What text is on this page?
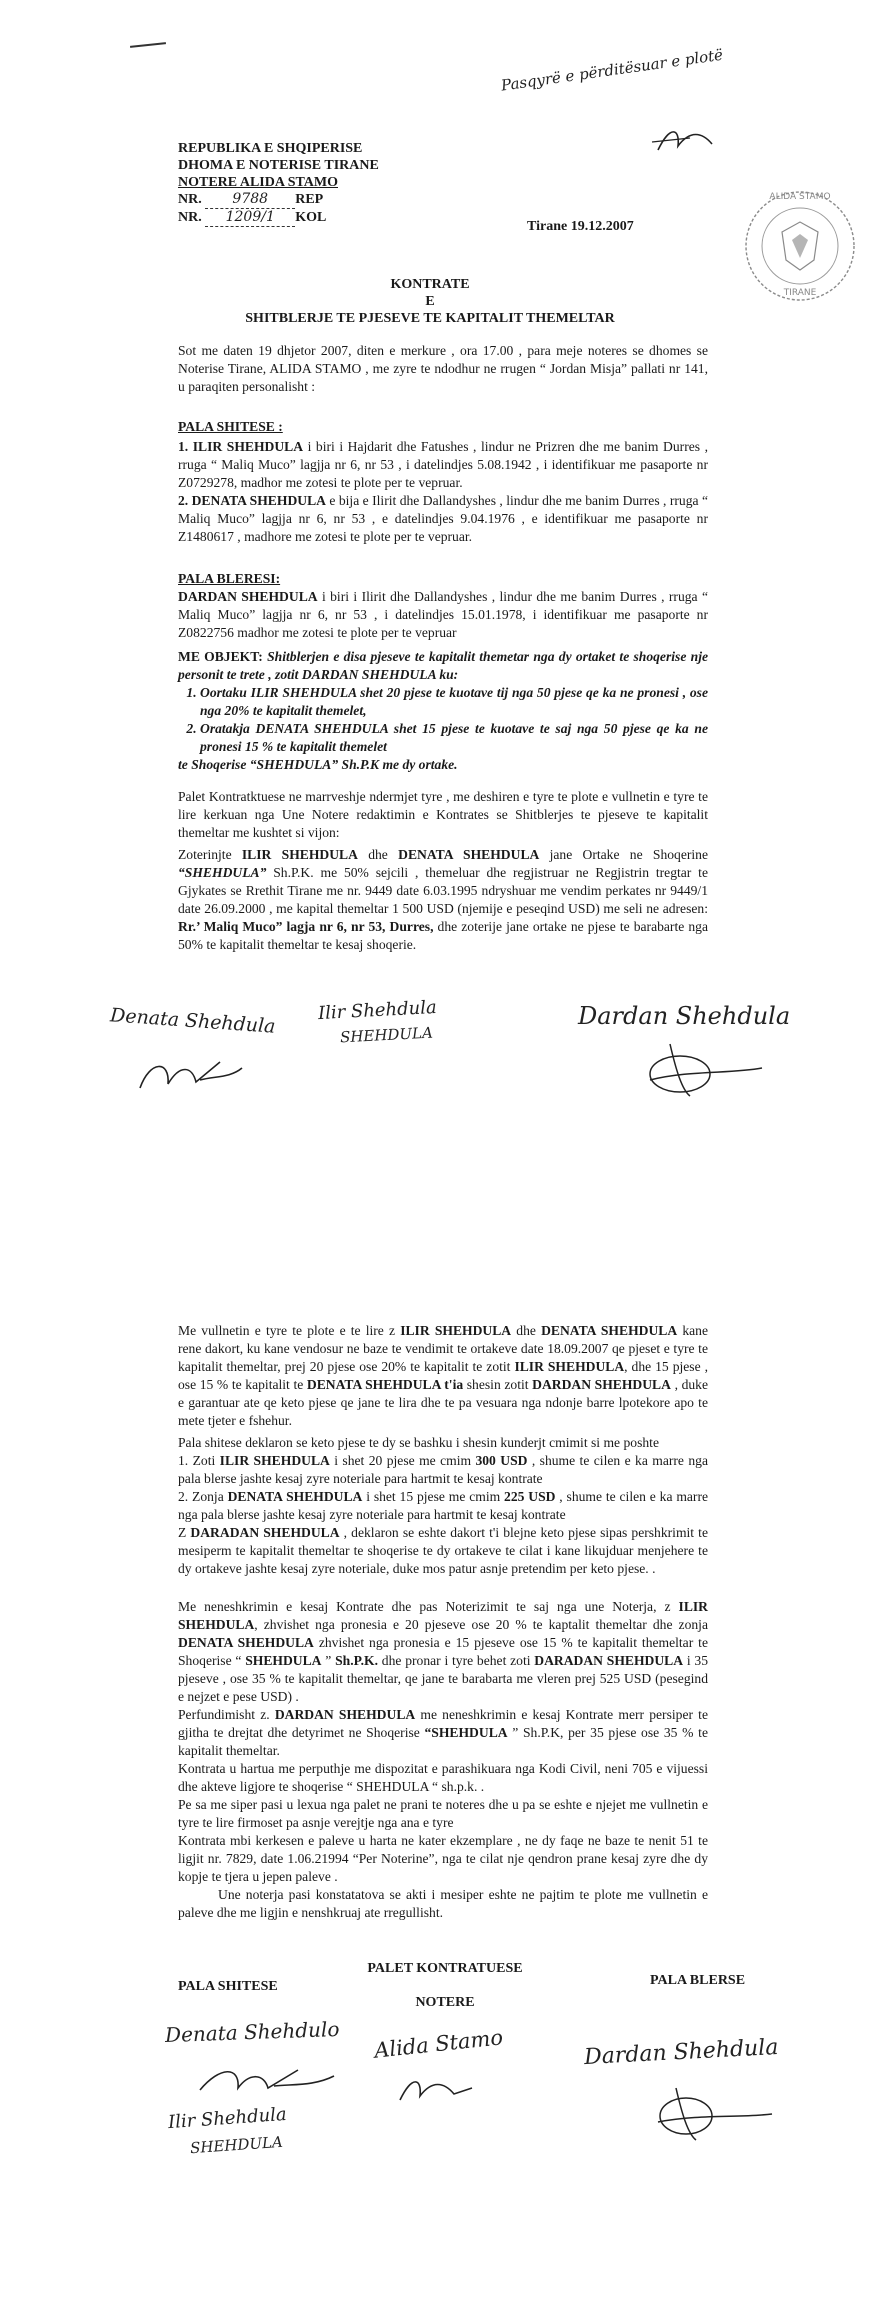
Pasqyrë e përditësuar e plotë
REPUBLIKA E SHQIPERISE
DHOMA E NOTERISE TIRANE
NOTERE ALIDA STAMO
NR. 9788 REP
NR. 1209/1 KOL
Tirane 19.12.2007
ALIDA STAMO
TIRANE
KONTRATE
E
SHITBLERJE TE PJESEVE TE KAPITALIT THEMELTAR
Sot me daten 19 dhjetor 2007, diten e merkure , ora 17.00 , para meje noteres se dhomes se Noterise Tirane, ALIDA STAMO , me zyre te ndodhur ne rrugen “ Jordan Misja” pallati nr 141, u paraqiten personalisht :
PALA SHITESE :
1. ILIR SHEHDULA i biri i Hajdarit dhe Fatushes , lindur ne Prizren dhe me banim Durres , rruga “ Maliq Muco” lagjja nr 6, nr 53 , i datelindjes 5.08.1942 , i identifikuar me pasaporte nr Z0729278, madhor me zotesi te plote per te vepruar.
2. DENATA SHEHDULA e bija e Ilirit dhe Dallandyshes , lindur dhe me banim Durres , rruga “ Maliq Muco” lagjja nr 6, nr 53 , e datelindjes 9.04.1976 , e identifikuar me pasaporte nr Z1480617 , madhore me zotesi te plote per te vepruar.
PALA BLERESI:
DARDAN SHEHDULA i biri i Ilirit dhe Dallandyshes , lindur dhe me banim Durres , rruga “ Maliq Muco” lagjja nr 6, nr 53 , i datelindjes 15.01.1978, i identifikuar me pasaporte nr Z0822756 madhor me zotesi te plote per te vepruar
ME OBJEKT: Shitblerjen e disa pjeseve te kapitalit themetar nga dy ortaket te shoqerise nje personit te trete , zotit DARDAN SHEHDULA ku:
1. Oortaku ILIR SHEHDULA shet 20 pjese te kuotave tij nga 50 pjese qe ka ne pronesi , ose nga 20% te kapitalit themelet,
2. Oratakja DENATA SHEHDULA shet 15 pjese te kuotave te saj nga 50 pjese qe ka ne pronesi 15 % te kapitalit themelet
te Shoqerise “SHEHDULA” Sh.P.K me dy ortake.
Palet Kontratktuese ne marrveshje ndermjet tyre , me deshiren e tyre te plote e vullnetin e tyre te lire kerkuan nga Une Notere redaktimin e Kontrates se Shitblerjes te pjeseve te kapitalit themeltar me kushtet si vijon:
Zoterinjte ILIR SHEHDULA dhe DENATA SHEHDULA jane Ortake ne Shoqerine “SHEHDULA” Sh.P.K. me 50% sejcili , themeluar dhe regjistruar ne Regjistrin tregtar te Gjykates se Rrethit Tirane me nr. 9449 date 6.03.1995 ndryshuar me vendim perkates nr 9449/1 date 26.09.2000 , me kapital themeltar 1 500 USD (njemije e peseqind USD) me seli ne adresen: Rr.’ Maliq Muco” lagja nr 6, nr 53, Durres, dhe zoterije jane ortake ne pjese te barabarte nga 50% te kapitalit themeltar te kesaj shoqerie.
Denata Shehdula Ilir Shehdula
SHEHDULA
Dardan Shehdula
Me vullnetin e tyre te plote e te lire z ILIR SHEHDULA dhe DENATA SHEHDULA kane rene dakort, ku kane vendosur ne baze te vendimit te ortakeve date 18.09.2007 qe pjeset e tyre te kapitalit themeltar, prej 20 pjese ose 20% te kapitalit te zotit ILIR SHEHDULA, dhe 15 pjese , ose 15 % te kapitalit te DENATA SHEHDULA t'ia shesin zotit DARDAN SHEHDULA , duke e garantuar ate qe keto pjese qe jane te lira dhe te pa vesuara nga ndonje barre lpotekore apo te mete tjeter e fshehur.
Pala shitese deklaron se keto pjese te dy se bashku i shesin kunderjt cmimit si me poshte
1. Zoti ILIR SHEHDULA i shet 20 pjese me cmim 300 USD , shume te cilen e ka marre nga pala blerse jashte kesaj zyre noteriale para hartmit te kesaj kontrate
2. Zonja DENATA SHEHDULA i shet 15 pjese me cmim 225 USD , shume te cilen e ka marre nga pala blerse jashte kesaj zyre noteriale para hartmit te kesaj kontrate
Z DARADAN SHEHDULA , deklaron se eshte dakort t'i blejne keto pjese sipas pershkrimit te mesiperm te kapitalit themeltar te shoqerise te dy ortakeve te cilat i kane likujduar menjehere te dy ortakeve jashte kesaj zyre noteriale, duke mos patur asnje pretendim per keto pjese. .
Me neneshkrimin e kesaj Kontrate dhe pas Noterizimit te saj nga une Noterja, z ILIR SHEHDULA, zhvishet nga pronesia e 20 pjeseve ose 20 % te kaptalit themeltar dhe zonja DENATA SHEHDULA zhvishet nga pronesia e 15 pjeseve ose 15 % te kapitalit themeltar te Shoqerise “ SHEHDULA ” Sh.P.K. dhe pronar i tyre behet zoti DARADAN SHEHDULA i 35 pjeseve , ose 35 % te kapitalit themeltar, qe jane te barabarta me vleren prej 525 USD (pesegind e nejzet e pese USD) .
Perfundimisht z. DARDAN SHEHDULA me neneshkrimin e kesaj Kontrate merr persiper te gjitha te drejtat dhe detyrimet ne Shoqerise “SHEHDULA ” Sh.P.K, per 35 pjese ose 35 % te kapitalit themeltar.
Kontrata u hartua me perputhje me dispozitat e parashikuara nga Kodi Civil, neni 705 e vijuessi dhe akteve ligjore te shoqerise “ SHEHDULA “ sh.p.k. .
Pe sa me siper pasi u lexua nga palet ne prani te noteres dhe u pa se eshte e njejet me vullnetin e tyre te lire firmoset pa asnje verejtje nga ana e tyre
Kontrata mbi kerkesen e paleve u harta ne kater ekzemplare , ne dy faqe ne baze te nenit 51 te ligjit nr. 7829, date 1.06.21994 “Per Noterine”, nga te cilat nje qendron prane kesaj zyre dhe dy kopje te tjera u jepen paleve .
Une noterja pasi konstatatova se akti i mesiper eshte ne pajtim te plote me vullnetin e paleve dhe me ligjin e nenshkruaj ate rregullisht.
PALET KONTRATUESE
PALA SHITESE	PALA BLERSE
NOTERE
Denata Shehdulo Alida Stamo	Dardan Shehdula
Ilir Shehdula
SHEHDULA
